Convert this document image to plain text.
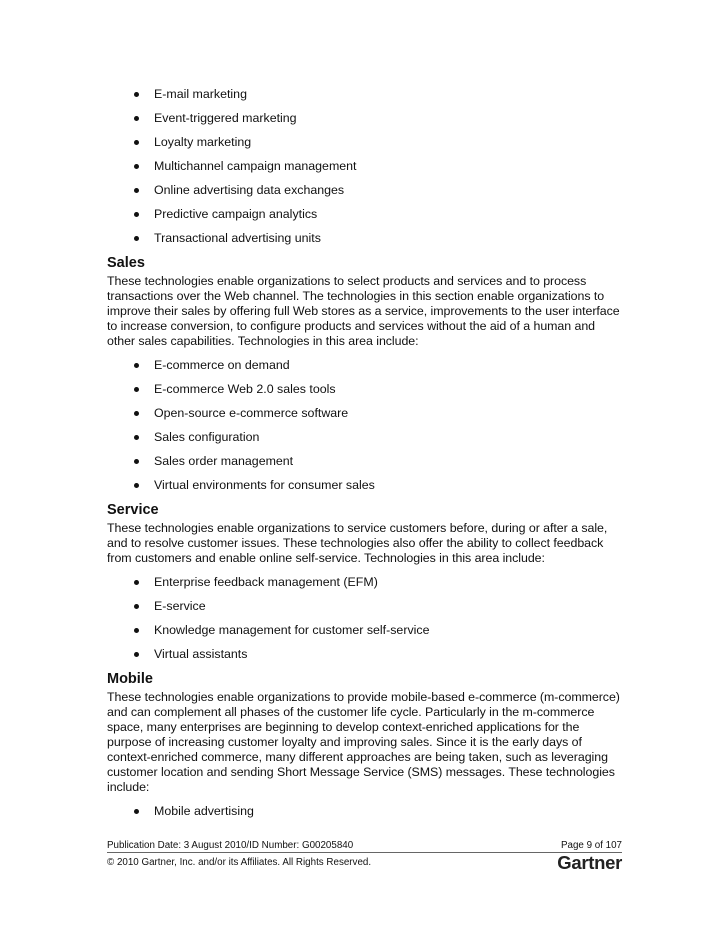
E-mail marketing
Event-triggered marketing
Loyalty marketing
Multichannel campaign management
Online advertising data exchanges
Predictive campaign analytics
Transactional advertising units
Sales

These technologies enable organizations to select products and services and to process transactions over the Web channel. The technologies in this section enable organizations to improve their sales by offering full Web stores as a service, improvements to the user interface to increase conversion, to configure products and services without the aid of a human and other sales capabilities. Technologies in this area include:

E-commerce on demand
E-commerce Web 2.0 sales tools
Open-source e-commerce software
Sales configuration
Sales order management
Virtual environments for consumer sales
Service

These technologies enable organizations to service customers before, during or after a sale, and to resolve customer issues. These technologies also offer the ability to collect feedback from customers and enable online self-service. Technologies in this area include:

Enterprise feedback management (EFM)
E-service
Knowledge management for customer self-service
Virtual assistants
Mobile

These technologies enable organizations to provide mobile-based e-commerce (m-commerce) and can complement all phases of the customer life cycle. Particularly in the m-commerce space, many enterprises are beginning to develop context-enriched applications for the purpose of increasing customer loyalty and improving sales. Since it is the early days of context-enriched commerce, many different approaches are being taken, such as leveraging customer location and sending Short Message Service (SMS) messages. These technologies include:

Mobile advertising
Publication Date: 3 August 2010/ID Number: G00205840	Page 9 of 107
© 2010 Gartner, Inc. and/or its Affiliates. All Rights Reserved.	Gartner
